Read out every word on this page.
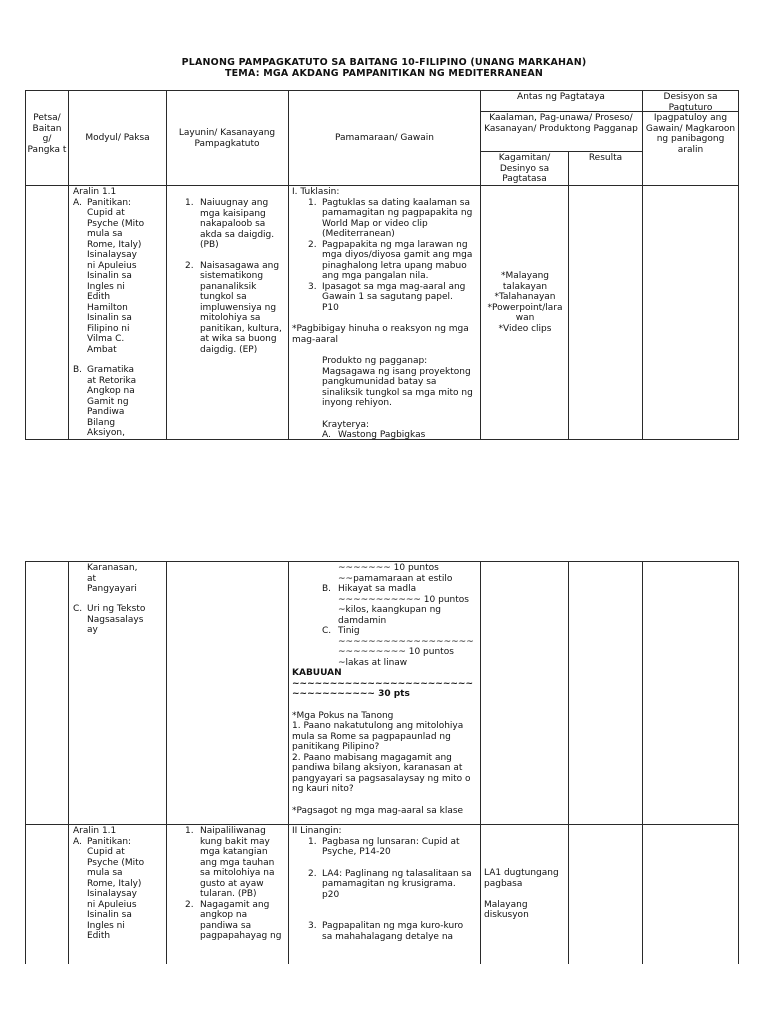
PLANONG PAMPAGKATUTO SA BAITANG 10-FILIPINO (UNANG MARKAHAN)
TEMA: MGA AKDANG PAMPANITIKAN NG MEDITERRANEAN
Petsa/ Baitan g/ Pangka t
Modyul/ Paksa	Layunin/ Kasanayang Pampagkatuto
Pamamaraan/ Gawain
Antas ng Pagtataya
Kaalaman, Pag-unawa/ Proseso/ Kasanayan/ Produktong Pagganap
Kagamitan/ Desinyo sa Pagtatasa
Resulta
Desisyon sa Pagtuturo
Ipagpatuloy ang Gawain/ Magkaroon ng panibagong aralin
Aralin 1.1
A. Panitikan:
Cupid at
Psyche (Mito
mula sa
Rome, Italy)
Isinalaysay
ni Apuleius
Isinalin sa
Ingles ni
Edith
Hamilton
Isinalin sa
Filipino ni
Vilma C.
Ambat
B. Gramatika
at Retorika
Angkop na
Gamit ng
Pandiwa
Bilang
Aksiyon,
1. Naiuugnay ang
mga kaisipang
nakapaloob sa
akda sa daigdig.
(PB)
2. Naisasagawa ang
sistematikong
pananaliksik
tungkol sa
impluwensiya ng
mitolohiya sa
panitikan, kultura,
at wika sa buong
daigdig. (EP)
I. Tuklasin:
1. Pagtuklas sa dating kaalaman sa
pamamagitan ng pagpapakita ng
World Map or video clip
(Mediterranean)
2. Pagpapakita ng mga larawan ng
mga diyos/diyosa gamit ang mga
pinaghalong letra upang mabuo
ang mga pangalan nila.
3. Ipasagot sa mga mag-aaral ang
Gawain 1 sa sagutang papel.
P10
*Pagbibigay hinuha o reaksyon ng mga
mag-aaral
Produkto ng pagganap:
Magsagawa ng isang proyektong
pangkumunidad batay sa
sinaliksik tungkol sa mga mito ng
inyong rehiyon.
Krayterya:
A. Wastong Pagbigkas
*Malayang
talakayan
*Talahanayan
*Powerpoint/lara
wan
*Video clips
Karanasan,
at
Pangyayari
C. Uri ng Teksto
Nagsasalays
ay
~~~~~~~ 10 puntos
~~pamamaraan at estilo
B. Hikayat sa madla
~~~~~~~~~~~ 10 puntos
~kilos, kaangkupan ng
damdamin
C. Tinig
~~~~~~~~~~~~~~~~~~
~~~~~~~~~ 10 puntos
~lakas at linaw
KABUUAN
~~~~~~~~~~~~~~~~~~~~~~~~
~~~~~~~~~~~ 30 pts
*Mga Pokus na Tanong
1. Paano nakatutulong ang mitolohiya
mula sa Rome sa pagpapaunlad ng
panitikang Pilipino?
2. Paano mabisang magagamit ang
pandiwa bilang aksiyon, karanasan at
pangyayari sa pagsasalaysay ng mito o
ng kauri nito?
*Pagsagot ng mga mag-aaral sa klase
Aralin 1.1
A. Panitikan:
Cupid at
Psyche (Mito
mula sa
Rome, Italy)
Isinalaysay
ni Apuleius
Isinalin sa
Ingles ni
Edith
1. Naipaliliwanag
kung bakit may
mga katangian
ang mga tauhan
sa mitolohiya na
gusto at ayaw
tularan. (PB)
2. Nagagamit ang
angkop na
pandiwa sa
pagpapahayag ng
II Linangin:
1. Pagbasa ng lunsaran: Cupid at
Psyche, P14-20
2. LA4: Paglinang ng talasalitaan sa
pamamagitan ng krusigrama.
p20
3. Pagpapalitan ng mga kuro-kuro
sa mahahalagang detalye na
LA1 dugtungang
pagbasa
Malayang
diskusyon
